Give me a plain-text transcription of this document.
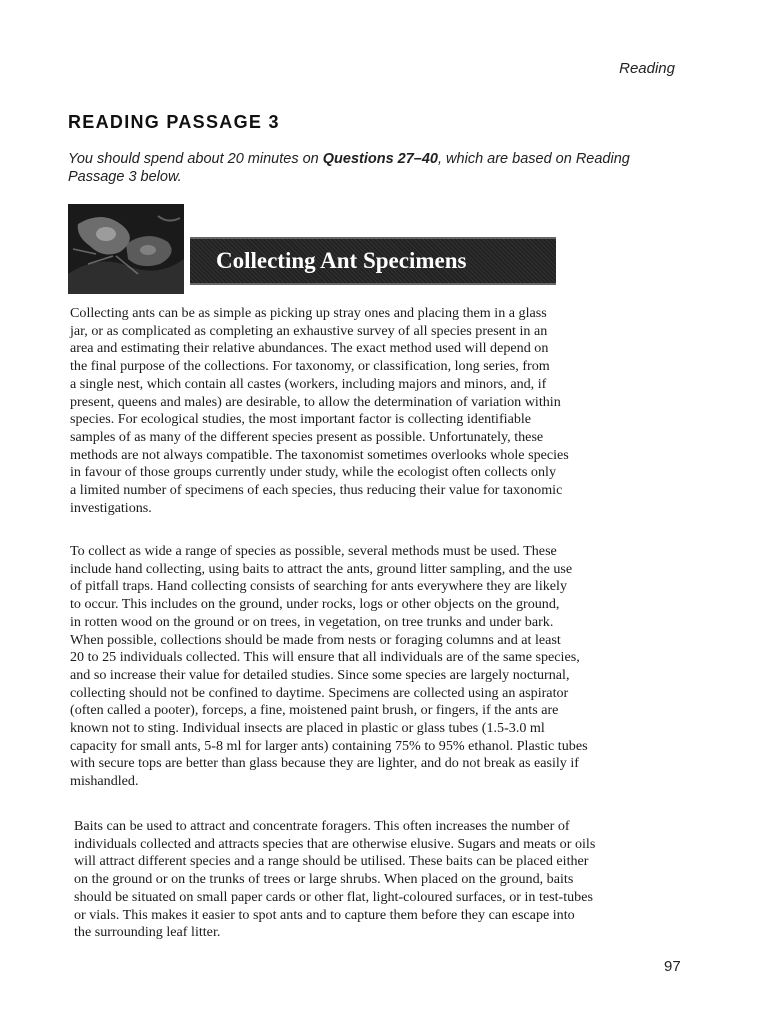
Reading
READING PASSAGE 3

You should spend about 20 minutes on Questions 27–40, which are based on Reading
Passage 3 below.

Collecting Ant Specimens
Collecting ants can be as simple as picking up stray ones and placing them in a glass
jar, or as complicated as completing an exhaustive survey of all species present in an
area and estimating their relative abundances. The exact method used will depend on
the final purpose of the collections. For taxonomy, or classification, long series, from
a single nest, which contain all castes (workers, including majors and minors, and, if
present, queens and males) are desirable, to allow the determination of variation within
species. For ecological studies, the most important factor is collecting identifiable
samples of as many of the different species present as possible. Unfortunately, these
methods are not always compatible. The taxonomist sometimes overlooks whole species
in favour of those groups currently under study, while the ecologist often collects only
a limited number of specimens of each species, thus reducing their value for taxonomic
investigations.
To collect as wide a range of species as possible, several methods must be used. These
include hand collecting, using baits to attract the ants, ground litter sampling, and the use
of pitfall traps. Hand collecting consists of searching for ants everywhere they are likely
to occur. This includes on the ground, under rocks, logs or other objects on the ground,
in rotten wood on the ground or on trees, in vegetation, on tree trunks and under bark.
When possible, collections should be made from nests or foraging columns and at least
20 to 25 individuals collected. This will ensure that all individuals are of the same species,
and so increase their value for detailed studies. Since some species are largely nocturnal,
collecting should not be confined to daytime. Specimens are collected using an aspirator
(often called a pooter), forceps, a fine, moistened paint brush, or fingers, if the ants are
known not to sting. Individual insects are placed in plastic or glass tubes (1.5-3.0 ml
capacity for small ants, 5-8 ml for larger ants) containing 75% to 95% ethanol. Plastic tubes
with secure tops are better than glass because they are lighter, and do not break as easily if
mishandled.
Baits can be used to attract and concentrate foragers. This often increases the number of
individuals collected and attracts species that are otherwise elusive. Sugars and meats or oils
will attract different species and a range should be utilised. These baits can be placed either
on the ground or on the trunks of trees or large shrubs. When placed on the ground, baits
should be situated on small paper cards or other flat, light-coloured surfaces, or in test-tubes
or vials. This makes it easier to spot ants and to capture them before they can escape into
the surrounding leaf litter.
97
